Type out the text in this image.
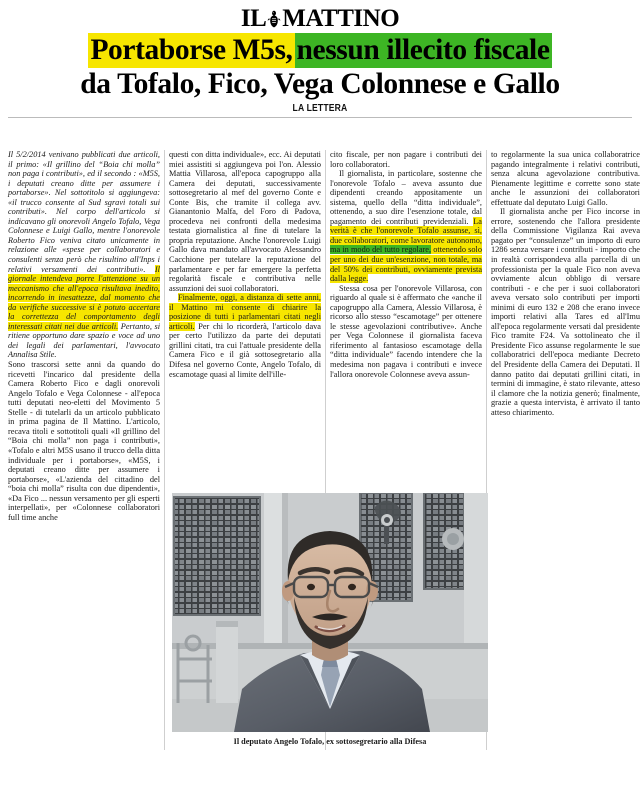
IL MATTINO
Portaborse M5s, nessun illecito fiscale
da Tofalo, Fico, Vega Colonnese e Gallo
LA LETTERA

Il 5/2/2014 venivano pubblicati due articoli, il primo: «Il grillino del “Boia chi molla” non paga i contributi», ed il secondo : «M5S, i deputati creano ditte per assumere i portaborse». Nel sottotitolo si aggiungeva: «il trucco consente al Sud sgravi totali sui contributi». Nel corpo dell'articolo si indicavano gli onorevoli Angelo Tofalo, Vega Colonnese e Luigi Gallo, mentre l'onorevole Roberto Fico veniva citato unicamente in relazione alle «spese per collaboratori e consulenti senza però che risultino all'Inps i relativi versamenti dei contributi». Il giornale intendeva porre l'attenzione su un meccanismo che all'epoca risultava inedito, incorrendo in inesattezze, dal momento che da verifiche successive si è potuto accertare la correttezza del comportamento degli interessati citati nei due articoli. Pertanto, si ritiene opportuno dare spazio e voce ad uno dei legali dei parlamentari, l'avvocato Annalisa Stile.

Sono trascorsi sette anni da quando do ricevetti l'incarico dal presidente della Camera Roberto Fico e dagli onorevoli Angelo Tofalo e Vega Colonnese - all'epoca tutti deputati neo-eletti del Movimento 5 Stelle - di tutelarli da un articolo pubblicato in prima pagina de Il Mattino. L'articolo, recava titoli e sottotitoli quali «Il grillino del “Boia chi molla” non paga i contributi», «Tofalo e altri M5S usano il trucco della ditta individuale per i portaborse», «M5S, i deputati creano ditte per assumere i portaborse», «L'azienda del cittadino del “boia chi molla” risulta con due dipendenti», «Da Fico ... nessun versamento per gli esperti interpellati», per «Colonnese collaboratori full time anche

questi con ditta individuale», ecc. Ai deputati miei assistiti si aggiungeva poi l'on. Alessio Mattia Villarosa, all'epoca capogruppo alla Camera dei deputati, successivamente sottosegretario al mef del governo Conte e Conte Bis, che tramite il collega avv. Gianantonio Malfa, del Foro di Padova, procedeva nei confronti della medesima testata giornalistica al fine di tutelare la propria reputazione. Anche l'onorevole Luigi Gallo dava mandato all'avvocato Alessandro Cacchione per tutelare la reputazione del parlamentare e per far emergere la perfetta regolarità fiscale e contributiva nelle assunzioni dei suoi collaboratori.

Finalmente, oggi, a distanza di sette anni, il Mattino mi consente di chiarire la posizione di tutti i parlamentari citati negli articoli. Per chi lo ricorderà, l'articolo dava per certo l'utilizzo da parte dei deputati grillini citati, tra cui l'attuale presidente della Camera Fico e il già sottosegretario alla Difesa nel governo Conte, Angelo Tofalo, di escamotage quasi al limite dell'ille-

cito fiscale, per non pagare i contributi dei loro collaboratori.

Il giornalista, in particolare, sostenne che l'onorevole Tofalo – aveva assunto due dipendenti creando appositamente un sistema, quello della “ditta individuale”, ottenendo, a suo dire l'esenzione totale, dal pagamento dei contributi previdenziali. La verità è che l'onorevole Tofalo assunse, sì, due collaboratori, come lavoratore autonomo, ma in modo del tutto regolare, ottenendo solo per uno dei due un'esenzione, non totale, ma del 50% dei contributi, ovviamente prevista dalla legge.

Stessa cosa per l'onorevole Villarosa, con riguardo al quale si è affermato che «anche il capogruppo alla Camera, Alessio Villarosa, è ricorso allo stesso “escamotage” per ottenere le stesse agevolazioni contributive». Anche per Vega Colonnese il giornalista faceva riferimento al fantasioso escamotage della “ditta individuale” facendo intendere che la medesima non pagava i contributi e invece l'allora onorevole Colonnese aveva assun-

to regolarmente la sua unica collaboratrice pagando integralmente i relativi contributi, senza alcuna agevolazione contributiva. Pienamente legittime e corrette sono state anche le assunzioni dei collaboratori effettuate dal deputato Luigi Gallo.

Il giornalista anche per Fico incorse in errore, sostenendo che l'allora presidente della Commissione Vigilanza Rai aveva pagato per “consulenze” un importo di euro 1286 senza versare i contributi - importo che in realtà corrispondeva alla parcella di un professionista per la quale Fico non aveva ovviamente alcun obbligo di versare contributi - e che per i suoi collaboratori aveva versato solo contributi per importi minimi di euro 132 e 208 che erano invece importi relativi alla Tares ed all'Imu all'epoca regolarmente versati dal presidente Fico tramite F24. Va sottolineato che il Presidente Fico assunse regolarmente le sue collaboratrici dell'epoca mediante Decreto del Presidente della Camera dei Deputati. Il danno patito dai deputati grillini citati, in termini di immagine, è stato rilevante, atteso il clamore che la notizia generò; finalmente, grazie a questa intervista, è arrivato il tanto atteso chiarimento.

Il deputato Angelo Tofalo, ex sottosegretario alla Difesa
